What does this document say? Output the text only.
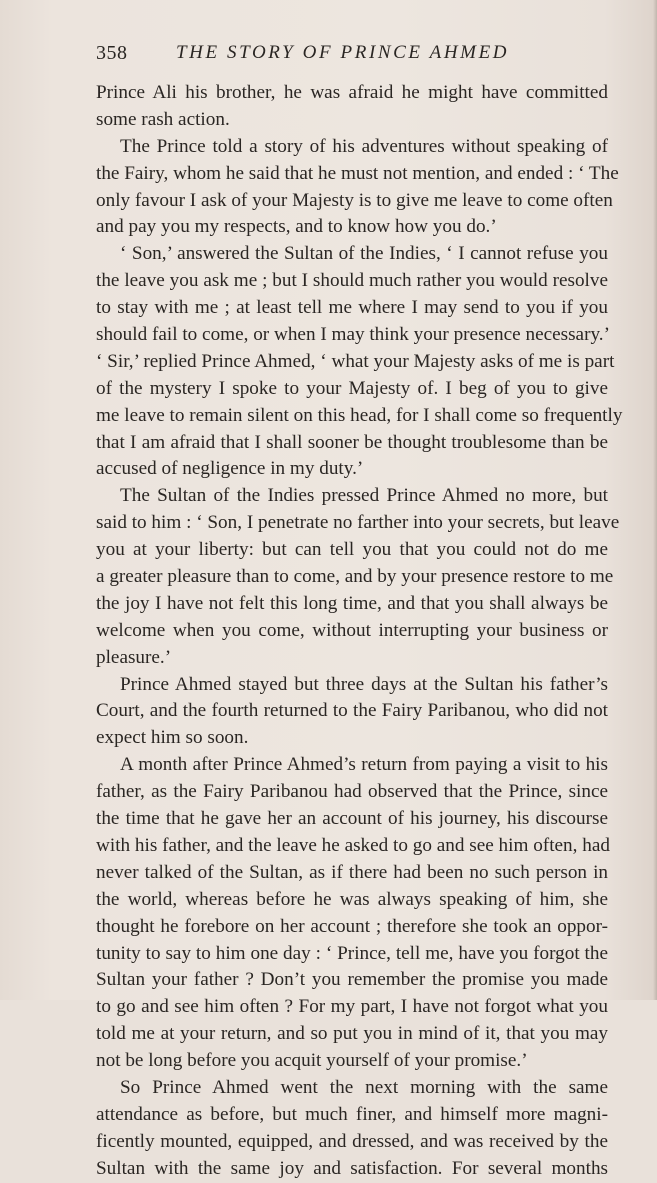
358	THE STORY OF PRINCE AHMED
Prince Ali his brother, he was afraid he might have committed
some rash action.
The Prince told a story of his adventures without speaking of
the Fairy, whom he said that he must not mention, and ended : ‘ The
only favour I ask of your Majesty is to give me leave to come often
and pay you my respects, and to know how you do.’
‘ Son,’ answered the Sultan of the Indies, ‘ I cannot refuse you
the leave you ask me ; but I should much rather you would resolve
to stay with me ; at least tell me where I may send to you if you
should fail to come, or when I may think your presence necessary.’
‘ Sir,’ replied Prince Ahmed, ‘ what your Majesty asks of me is part
of the mystery I spoke to your Majesty of. I beg of you to give
me leave to remain silent on this head, for I shall come so frequently
that I am afraid that I shall sooner be thought troublesome than be
accused of negligence in my duty.’
The Sultan of the Indies pressed Prince Ahmed no more, but
said to him : ‘ Son, I penetrate no farther into your secrets, but leave
you at your liberty: but can tell you that you could not do me
a greater pleasure than to come, and by your presence restore to me
the joy I have not felt this long time, and that you shall always be
welcome when you come, without interrupting your business or
pleasure.’
Prince Ahmed stayed but three days at the Sultan his father’s
Court, and the fourth returned to the Fairy Paribanou, who did not
expect him so soon.
A month after Prince Ahmed’s return from paying a visit to his
father, as the Fairy Paribanou had observed that the Prince, since
the time that he gave her an account of his journey, his discourse
with his father, and the leave he asked to go and see him often, had
never talked of the Sultan, as if there had been no such person in
the world, whereas before he was always speaking of him, she
thought he forebore on her account ; therefore she took an oppor-
tunity to say to him one day : ‘ Prince, tell me, have you forgot the
Sultan your father ? Don’t you remember the promise you made
to go and see him often ? For my part, I have not forgot what you
told me at your return, and so put you in mind of it, that you may
not be long before you acquit yourself of your promise.’
So Prince Ahmed went the next morning with the same
attendance as before, but much finer, and himself more magni-
ficently mounted, equipped, and dressed, and was received by the
Sultan with the same joy and satisfaction. For several months
